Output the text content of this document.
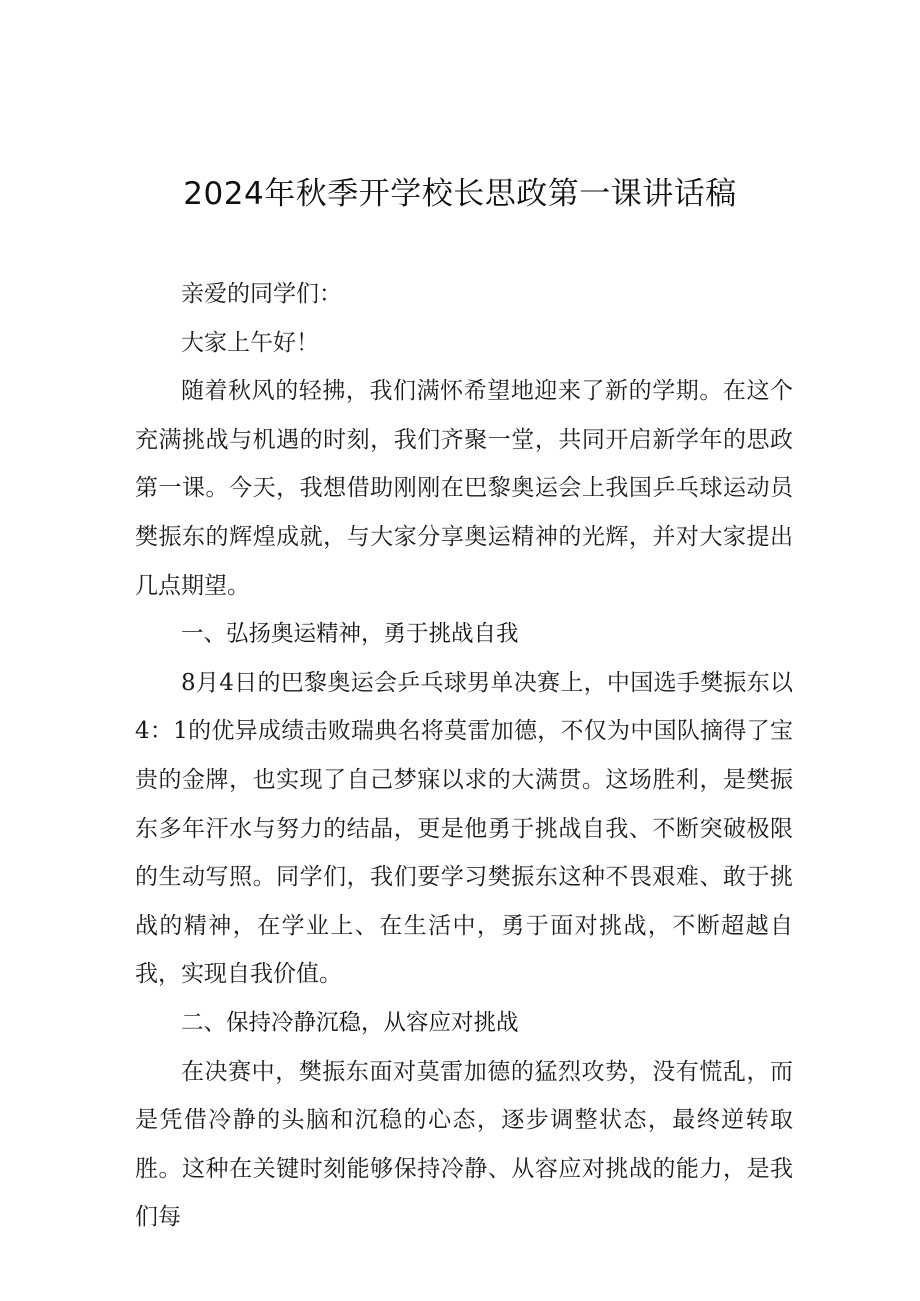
2024年秋季开学校长思政第一课讲话稿

亲爱的同学们：

大家上午好！

随着秋风的轻拂，我们满怀希望地迎来了新的学期。在这个充满挑战与机遇的时刻，我们齐聚一堂，共同开启新学年的思政第一课。今天，我想借助刚刚在巴黎奥运会上我国乒乓球运动员樊振东的辉煌成就，与大家分享奥运精神的光辉，并对大家提出几点期望。

一、弘扬奥运精神，勇于挑战自我

8月4日的巴黎奥运会乒乓球男单决赛上，中国选手樊振东以4：1的优异成绩击败瑞典名将莫雷加德，不仅为中国队摘得了宝贵的金牌，也实现了自己梦寐以求的大满贯。这场胜利，是樊振东多年汗水与努力的结晶，更是他勇于挑战自我、不断突破极限的生动写照。同学们，我们要学习樊振东这种不畏艰难、敢于挑战的精神，在学业上、在生活中，勇于面对挑战，不断超越自我，实现自我价值。

二、保持冷静沉稳，从容应对挑战

在决赛中，樊振东面对莫雷加德的猛烈攻势，没有慌乱，而是凭借冷静的头脑和沉稳的心态，逐步调整状态，最终逆转取胜。这种在关键时刻能够保持冷静、从容应对挑战的能力，是我们每
